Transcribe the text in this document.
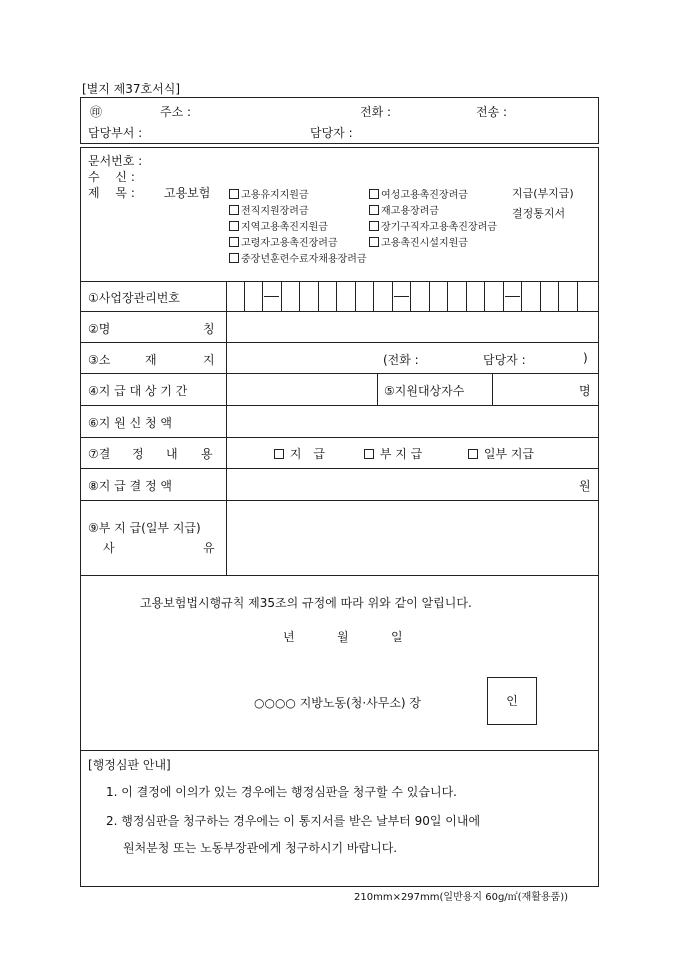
[별지 제37호서식]
㊞	주소 :	전화 :	전송 :
담당부서 :	담당자 :
문서번호 :
수　 신 :
제　 목 : 고용보험	고용유지지원금
전직지원장려금
지역고용촉진지원금
고령자고용촉진장려금
중장년훈련수료자채용장려금
여성고용촉진장려금
재고용장려금
장기구직자고용촉진장려금
고용촉진시설지원금
지급(부지급)
결정통지서
①사업장관리번호
②명	칭
③소	재	지	(전화 :	담당자 :	)
④지 급 대 상 기 간	⑤지원대상자수	명
⑥지 원 신 청 액
⑦결 정 내 용	지　급	부 지 급	일부 지급
⑧지 급 결 정 액	원
⑨부 지 급(일부 지급)
사	유
고용보험법시행규칙 제35조의 규정에 따라 위와 같이 알립니다.
년	월	일
○○○○ 지방노동(청·사무소) 장	인
[행정심판 안내]
1. 이 결정에 이의가 있는 경우에는 행정심판을 청구할 수 있습니다.
2. 행정심판을 청구하는 경우에는 이 통지서를 받은 날부터 90일 이내에
원처분청 또는 노동부장관에게 청구하시기 바랍니다.
210mm×297mm(일반용지 60g/㎡(재활용품))
